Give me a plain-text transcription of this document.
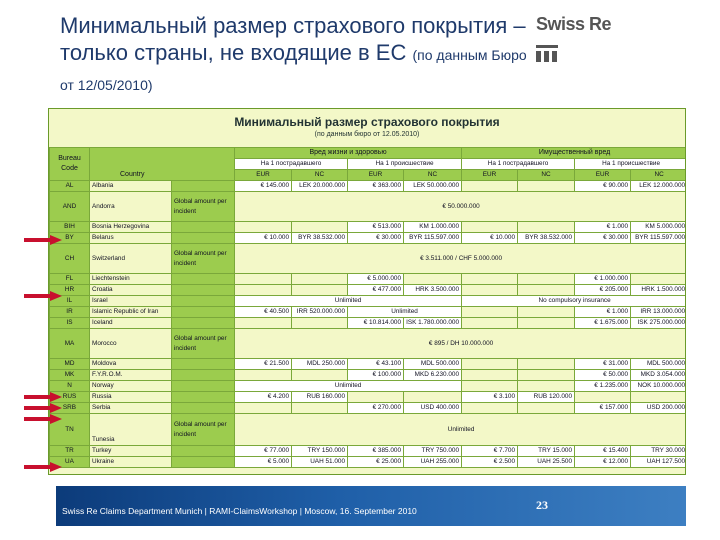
Минимальный размер страхового покрытия – только страны, не входящие в ЕС (по данным Бюро от 12/05/2010)
Swiss Re
Минимальный размер страхового покрытия
(по данным бюро от 12.05.2010)
Bureau Code	Country		Вред жизни и здоровью				Имущественный вред			
			На 1 пострадавшего		На 1 происшествие		На 1 пострадавшего		На 1 происшествие	
			EUR	NC	EUR	NC	EUR	NC	EUR	NC
AL	Albania		€ 145.000	LEK 20.000.000	€ 363.000	LEK 50.000.000			€ 90.000	LEK 12.000.000
AND	Andorra	Global amount per incident	€ 50.000.000							
BIH	Bosnia Herzegovina				€ 513.000	KM 1.000.000			€ 1.000	KM 5.000.000
BY	Belarus		€ 10.000	BYR 38.532.000	€ 30.000	BYR 115.597.000	€ 10.000	BYR 38.532.000	€ 30.000	BYR 115.597.000
CH	Switzerland	Global amount per incident	€ 3.511.000 / CHF 5.000.000							
FL	Liechtenstein				€ 5.000.000				€ 1.000.000	
HR	Croatia				€ 477.000	HRK 3.500.000			€ 205.000	HRK 1.500.000
IL	Israel		Unlimited				No compulsory insurance			
IR	Islamic Republic of Iran		€ 40.500	IRR 520.000.000	Unlimited				€ 1.000	IRR 13.000.000
IS	Iceland				€ 10.814.000	ISK 1.780.000.000			€ 1.675.000	ISK 275.000.000
MA	Morocco	Global amount per incident	€ 895 / DH 10.000.000							
MD	Moldova		€ 21.500	MDL 250.000	€ 43.100	MDL 500.000			€ 31.000	MDL 500.000
MK	F.Y.R.O.M.				€ 100.000	MKD 6.230.000			€ 50.000	MKD 3.054.000
N	Norway		Unlimited						€ 1.235.000	NOK 10.000.000
RUS	Russia		€ 4.200	RUB 160.000			€ 3.100	RUB 120.000		
SRB	Serbia				€ 270.000	USD 400.000			€ 157.000	USD 200.000
TN	Tunesia	Global amount per incident	Unlimited							
TR	Turkey		€ 77.000	TRY 150.000	€ 385.000	TRY 750.000	€ 7.700	TRY 15.000	€ 15.400	TRY 30.000
UA	Ukraine		€ 5.000	UAH 51.000	€ 25.000	UAH 255.000	€ 2.500	UAH 25.500	€ 12.000	UAH 127.500
Swiss Re Claims Department Munich | RAMI-ClaimsWorkshop | Moscow, 16. September 2010	23
